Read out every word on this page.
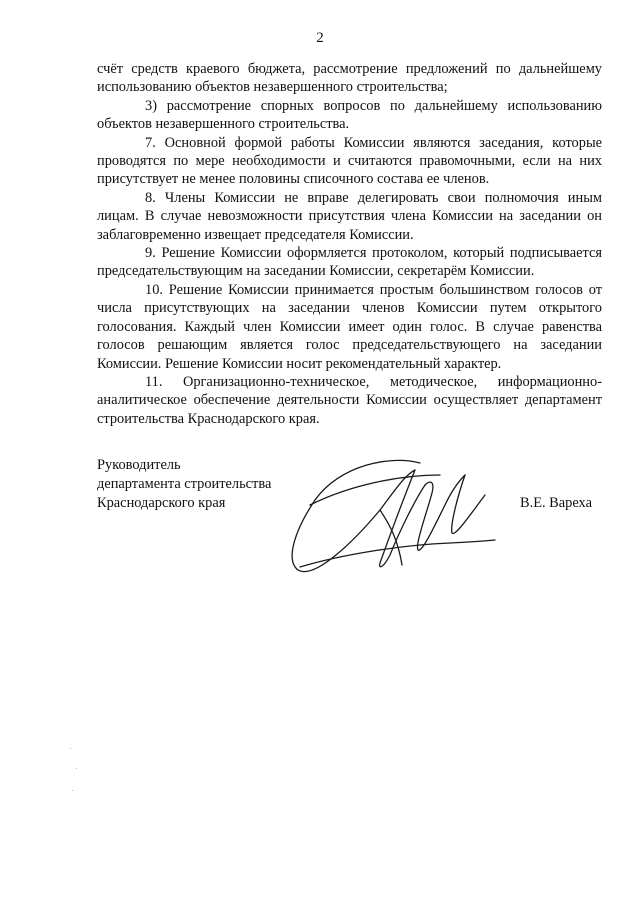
2

счёт средств краевого бюджета, рассмотрение предложений по дальнейшему использованию объектов незавершенного строительства;

3) рассмотрение спорных вопросов по дальнейшему использованию объектов незавершенного строительства.

7. Основной формой работы Комиссии являются заседания, которые проводятся по мере необходимости и считаются правомочными, если на них присутствует не менее половины списочного состава ее членов.

8. Члены Комиссии не вправе делегировать свои полномочия иным лицам. В случае невозможности присутствия члена Комиссии на заседании он заблаговременно извещает председателя Комиссии.

9. Решение Комиссии оформляется протоколом, который подписывается председательствующим на заседании Комиссии, секретарём Комиссии.

10. Решение Комиссии принимается простым большинством голосов от числа присутствующих на заседании членов Комиссии путем открытого голосования. Каждый член Комиссии имеет один голос. В случае равенства голосов решающим является голос председательствующего на заседании Комиссии. Решение Комиссии носит рекомендательный характер.

11. Организационно-техническое, методическое, информационно-аналитическое обеспечение деятельности Комиссии осуществляет департамент строительства Краснодарского края.

Руководитель
департамента строительства
Краснодарского края	В.Е. Вареха
